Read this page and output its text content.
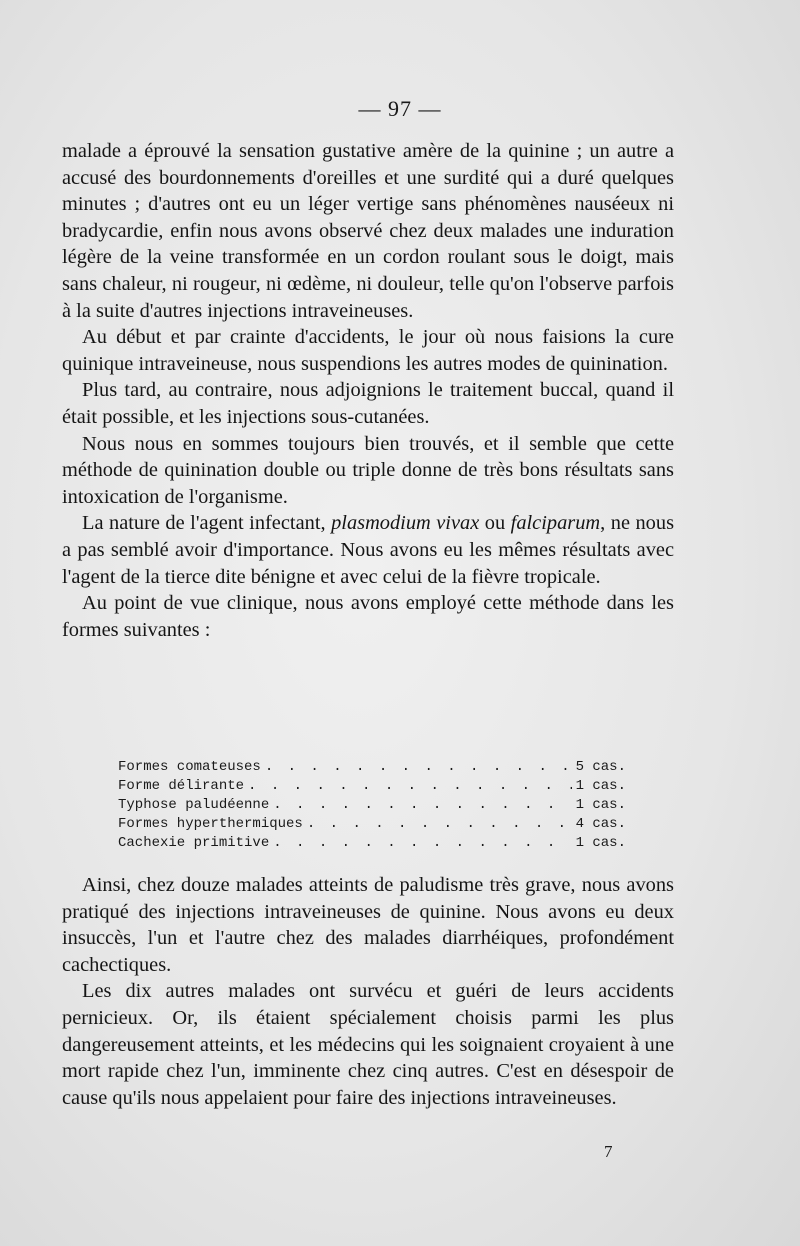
— 97 —

malade a éprouvé la sensation gustative amère de la quinine ; un autre a accusé des bourdonnements d'oreilles et une surdité qui a duré quelques minutes ; d'autres ont eu un léger vertige sans phénomènes nauséeux ni bradycardie, enfin nous avons observé chez deux malades une induration légère de la veine transformée en un cordon roulant sous le doigt, mais sans chaleur, ni rougeur, ni œdème, ni douleur, telle qu'on l'observe parfois à la suite d'autres injections intraveineuses.

Au début et par crainte d'accidents, le jour où nous faisions la cure quinique intraveineuse, nous suspendions les autres modes de quinination.

Plus tard, au contraire, nous adjoignions le traitement buccal, quand il était possible, et les injections sous-cutanées.

Nous nous en sommes toujours bien trouvés, et il semble que cette méthode de quinination double ou triple donne de très bons résultats sans intoxication de l'organisme.

La nature de l'agent infectant, plasmodium vivax ou falciparum, ne nous a pas semblé avoir d'importance. Nous avons eu les mêmes résultats avec l'agent de la tierce dite bénigne et avec celui de la fièvre tropicale.

Au point de vue clinique, nous avons employé cette méthode dans les formes suivantes :

Formes comateuses . . .	5 cas.
Forme délirante . . .	1 cas.
Typhose paludéenne . . .	1 cas.
Formes hyperthermiques . . .	4 cas.
Cachexie primitive . . .	1 cas.

Ainsi, chez douze malades atteints de paludisme très grave, nous avons pratiqué des injections intraveineuses de quinine. Nous avons eu deux insuccès, l'un et l'autre chez des malades diarrhéiques, profondément cachectiques.

Les dix autres malades ont survécu et guéri de leurs accidents pernicieux. Or, ils étaient spécialement choisis parmi les plus dangereusement atteints, et les médecins qui les soignaient croyaient à une mort rapide chez l'un, imminente chez cinq autres. C'est en désespoir de cause qu'ils nous appelaient pour faire des injections intraveineuses.

7
